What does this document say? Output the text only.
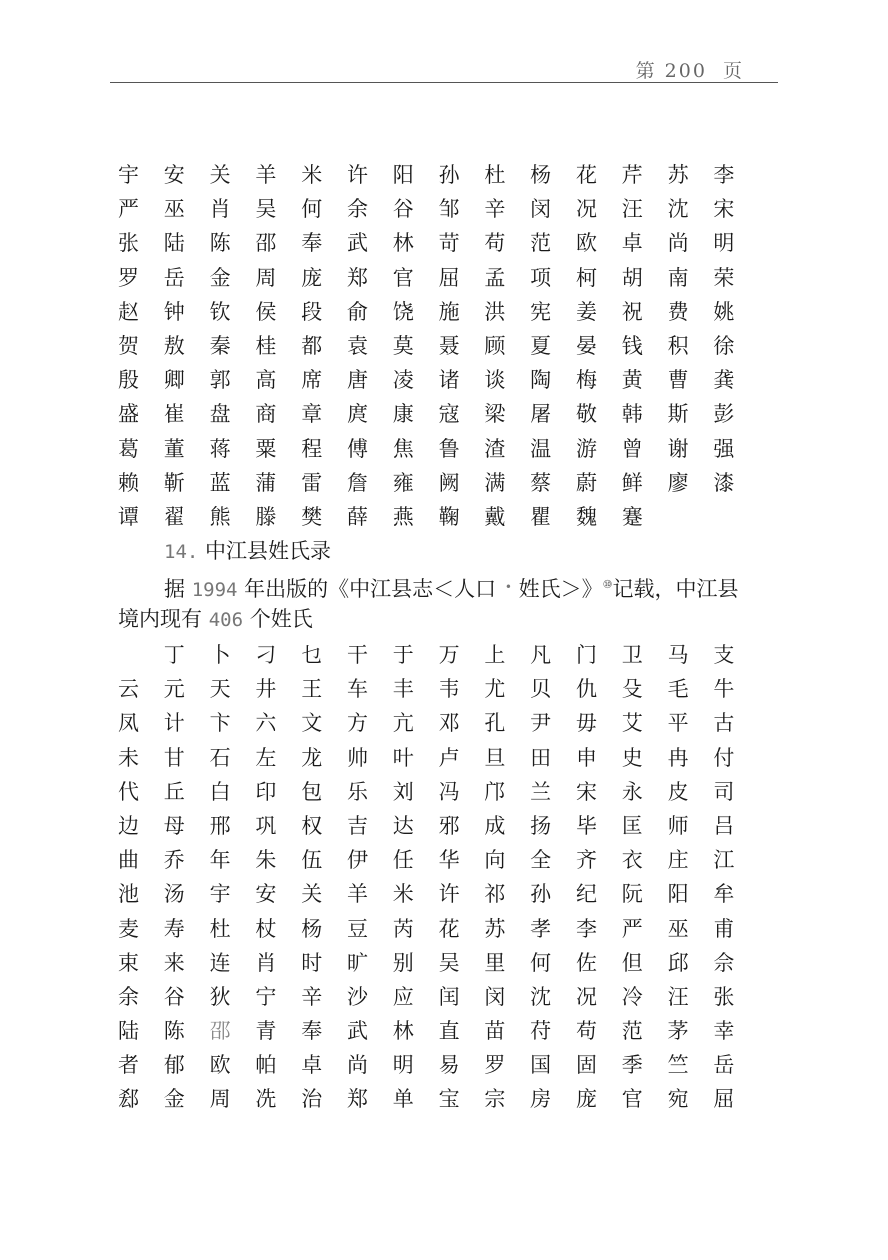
第 200  页
宇 安 关 羊 米 许 阳 孙 杜 杨 花 芹 苏 李
严 巫 肖 吴 何 余 谷 邹 辛 闵 况 汪 沈 宋
张 陆 陈 邵 奉 武 林 苛 苟 范 欧 卓 尚 明
罗 岳 金 周 庞 郑 官 屈 孟 项 柯 胡 南 荣
赵 钟 钦 侯 段 俞 饶 施 洪 宪 姜 祝 费 姚
贺 敖 秦 桂 都 袁 莫 聂 顾 夏 晏 钱 积 徐
殷 卿 郭 高 席 唐 凌 诸 谈 陶 梅 黄 曹 龚
盛 崔 盘 商 章 庹 康 寇 梁 屠 敬 韩 斯 彭
葛 董 蒋 粟 程 傅 焦 鲁 渣 温 游 曾 谢 强
赖 靳 蓝 蒲 雷 詹 雍 阙 满 蔡 蔚 鲜 廖 漆
谭 翟 熊 滕 樊 薛 燕 鞠 戴 瞿 魏 蹇
14. 中江县姓氏录
据 1994 年出版的《中江县志＜人口 • 姓氏＞》⑩记载，中江县
境内现有 406 个姓氏
丁 卜 刁 乜 干 于 万 上 凡 门 卫 马 支
云 元 天 井 王 车 丰 韦 尤 贝 仇 殳 毛 牛
凤 计 卞 六 文 方 亢 邓 孔 尹 毋 艾 平 古
未 甘 石 左 龙 帅 叶 卢 旦 田 申 史 冉 付
代 丘 白 印 包 乐 刘 冯 邝 兰 宋 永 皮 司
边 母 邢 巩 权 吉 达 邪 成 扬 毕 匡 师 吕
曲 乔 年 朱 伍 伊 任 华 向 全 齐 衣 庄 江
池 汤 宇 安 关 羊 米 许 祁 孙 纪 阮 阳 牟
麦 寿 杜 杖 杨 豆 芮 花 苏 孝 李 严 巫 甫
束 来 连 肖 时 旷 别 吴 里 何 佐 但 邱 佘
余 谷 狄 宁 辛 沙 应 闰 闵 沈 况 冷 汪 张
陆 陈 邵 青 奉 武 林 直 苗 苻 苟 范 茅 幸
者 郁 欧 帕 卓 尚 明 易 罗 国 固 季 竺 岳
郄 金 周 冼 治 郑 单 宝 宗 房 庞 官 宛 屈
